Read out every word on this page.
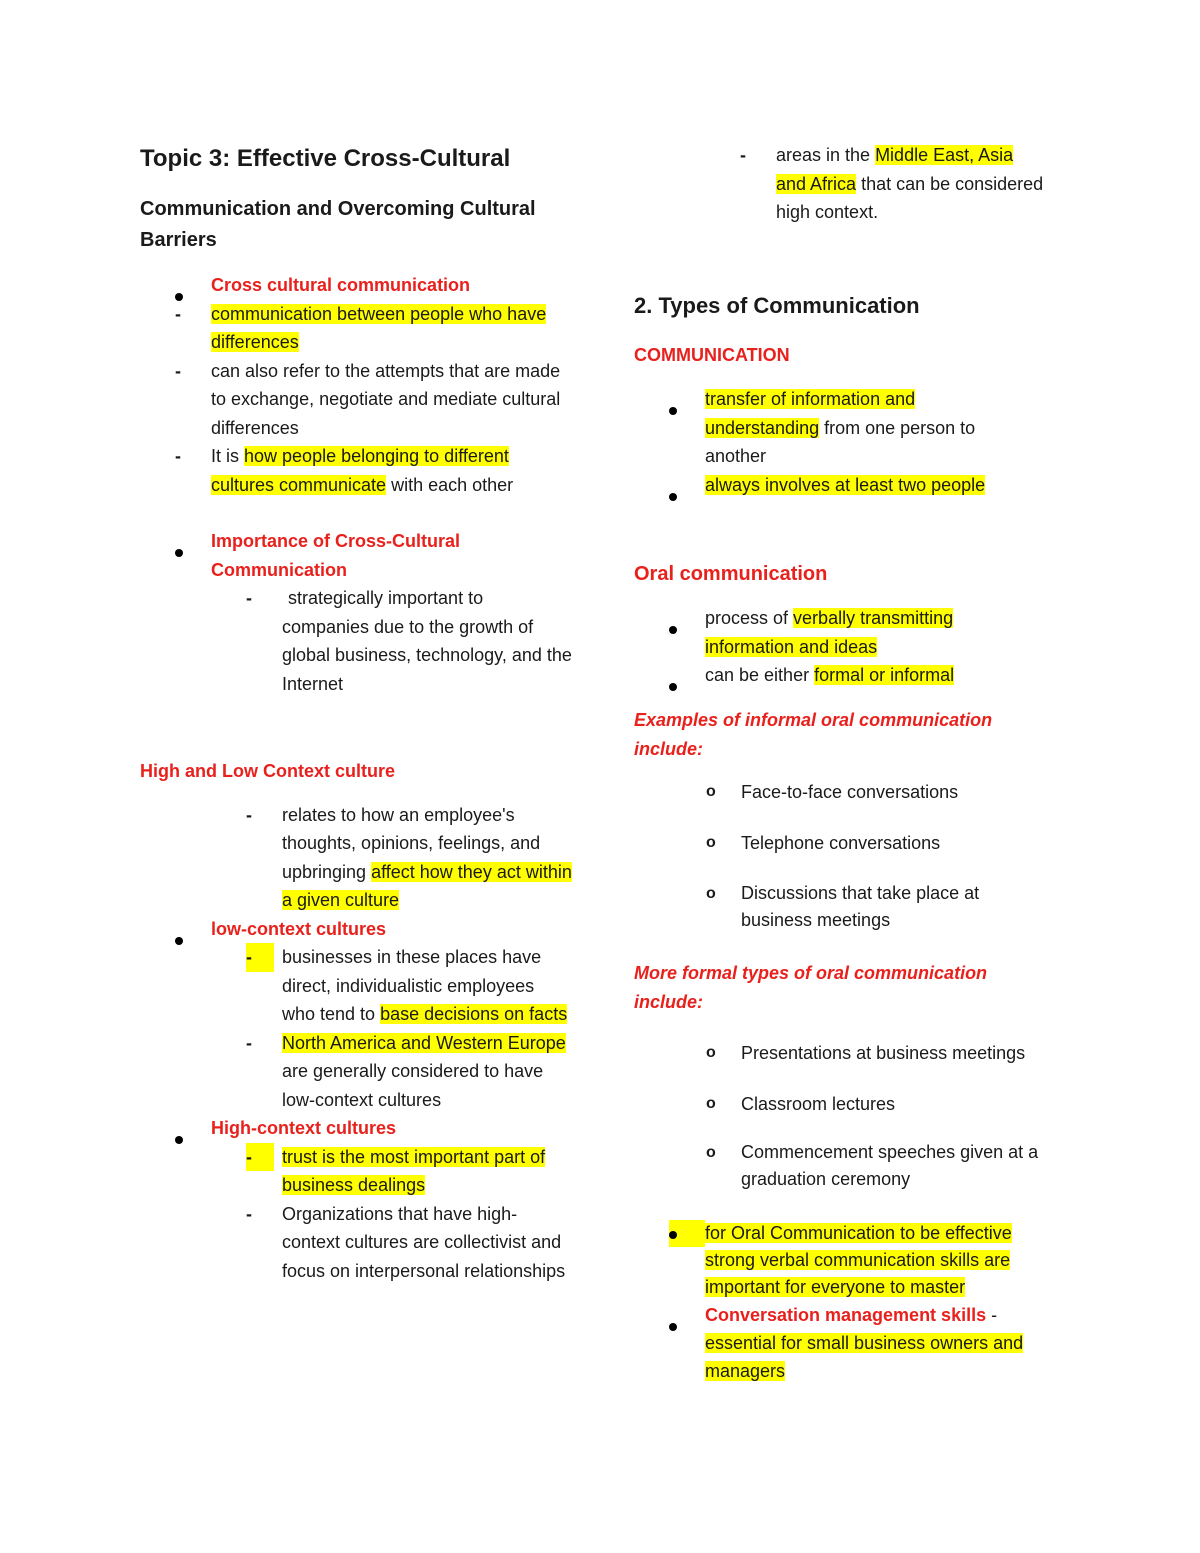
Topic 3: Effective Cross-Cultural
Communication and Overcoming Cultural Barriers
Cross cultural communication
- communication between people who have differences
- can also refer to the attempts that are made to exchange, negotiate and mediate cultural differences
- It is how people belonging to different cultures communicate with each other
Importance of Cross-Cultural Communication
-	strategically important to companies due to the growth of global business, technology, and the Internet
High and Low Context culture
- relates to how an employee's thoughts, opinions, feelings, and upbringing affect how they act within a given culture
low-context cultures
-	businesses in these places have direct, individualistic employees who tend to base decisions on facts
- North America and Western Europe are generally considered to have low-context cultures
High-context cultures
-	trust is the most important part of business dealings
- Organizations that have high-context cultures are collectivist and focus on interpersonal relationships
- areas in the Middle East, Asia and Africa that can be considered high context.
2. Types of Communication
COMMUNICATION
transfer of information and understanding from one person to another
always involves at least two people
Oral communication
process of verbally transmitting information and ideas
can be either formal or informal
Examples of informal oral communication include:
o Face-to-face conversations
o Telephone conversations
o Discussions that take place at business meetings
More formal types of oral communication include:
o Presentations at business meetings
o Classroom lectures
o Commencement speeches given at a graduation ceremony
for Oral Communication to be effective strong verbal communication skills are important for everyone to master
Conversation management skills - essential for small business owners and managers
